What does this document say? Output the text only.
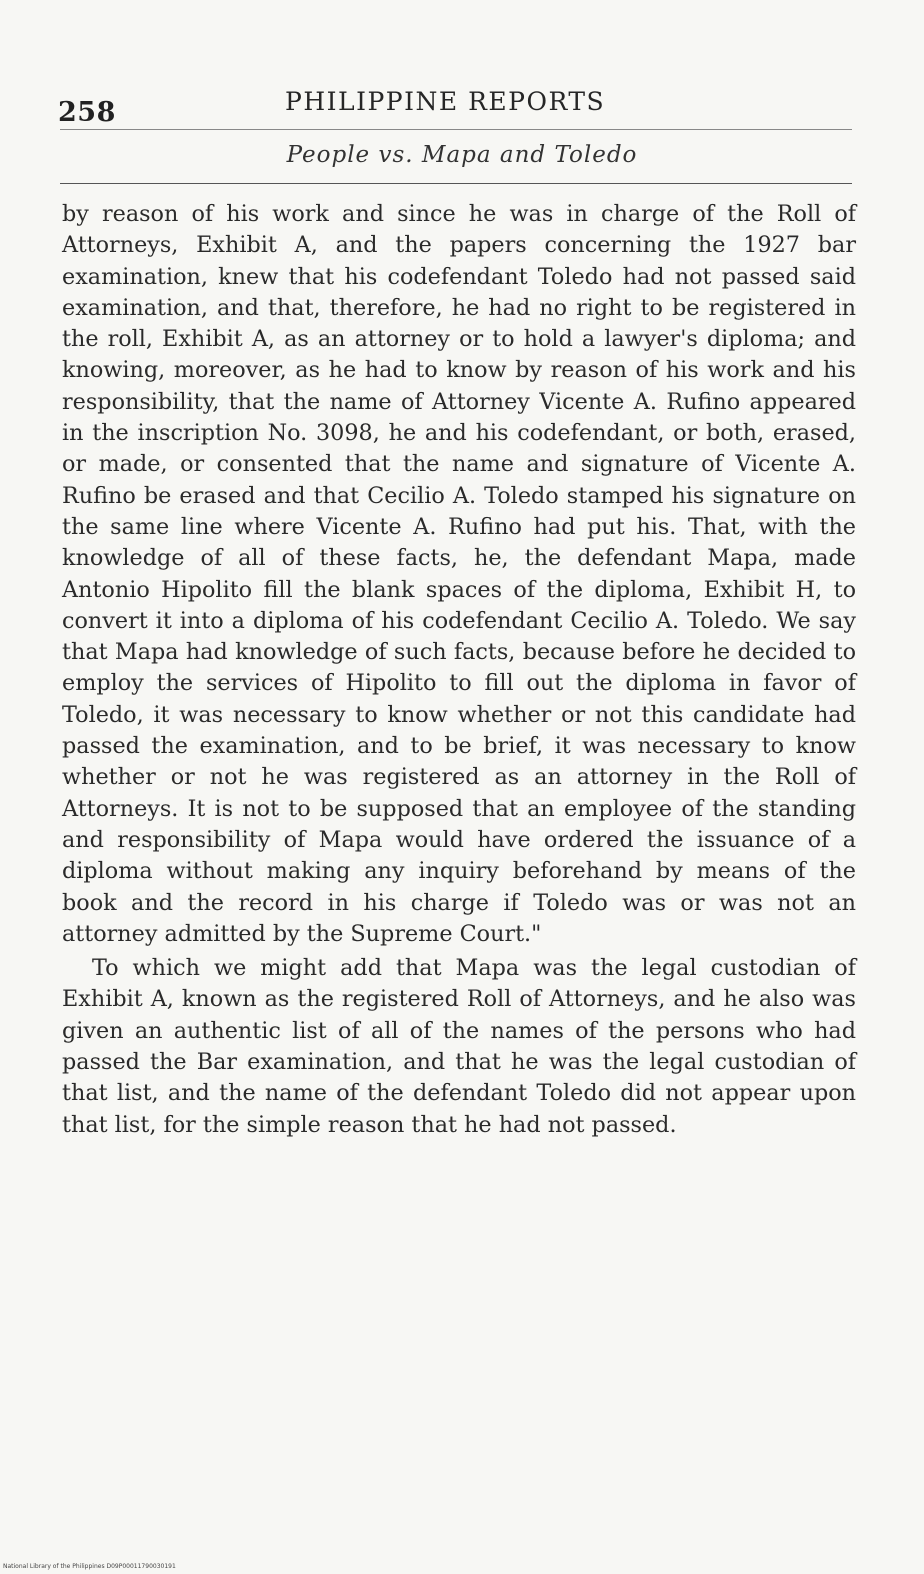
258	PHILIPPINE REPORTS
People vs. Mapa and Toledo

by reason of his work and since he was in charge of the Roll of Attorneys, Exhibit A, and the papers concerning the 1927 bar examination, knew that his codefendant Toledo had not passed said examination, and that, therefore, he had no right to be registered in the roll, Exhibit A, as an attorney or to hold a lawyer's diploma; and knowing, moreover, as he had to know by reason of his work and his responsibility, that the name of Attorney Vicente A. Rufino appeared in the inscription No. 3098, he and his codefendant, or both, erased, or made, or consented that the name and signature of Vicente A. Rufino be erased and that Cecilio A. Toledo stamped his signature on the same line where Vicente A. Rufino had put his. That, with the knowledge of all of these facts, he, the defendant Mapa, made Antonio Hipolito fill the blank spaces of the diploma, Exhibit H, to convert it into a diploma of his codefendant Cecilio A. Toledo. We say that Mapa had knowledge of such facts, because before he decided to employ the services of Hipolito to fill out the diploma in favor of Toledo, it was necessary to know whether or not this candidate had passed the examination, and to be brief, it was necessary to know whether or not he was registered as an attorney in the Roll of Attorneys. It is not to be supposed that an employee of the standing and responsibility of Mapa would have ordered the issuance of a diploma without making any inquiry beforehand by means of the book and the record in his charge if Toledo was or was not an attorney admitted by the Supreme Court."

To which we might add that Mapa was the legal custodian of Exhibit A, known as the registered Roll of Attorneys, and he also was given an authentic list of all of the names of the persons who had passed the Bar examination, and that he was the legal custodian of that list, and the name of the defendant Toledo did not appear upon that list, for the simple reason that he had not passed.

National Library of the Philippines D09P00011790030191
